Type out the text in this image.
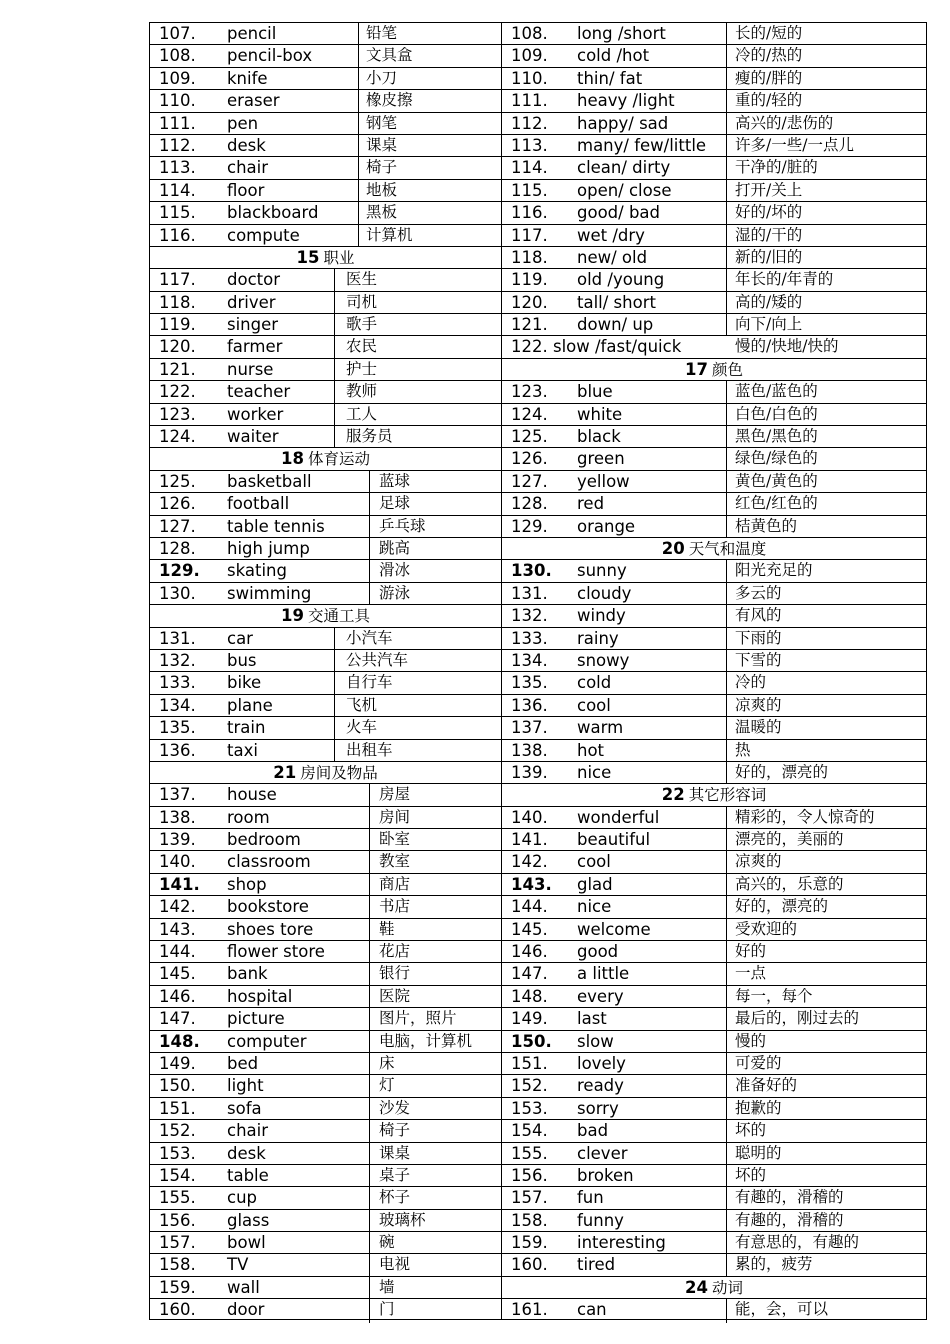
107. pencil	铅笔
108. pencil-box	文具盒
109. knife	小刀
110. eraser	橡皮擦
111. pen	钢笔
112. desk	课桌
113. chair	椅子
114. floor	地板
115. blackboard	黑板
116. compute	计算机
15 职业
117. doctor	医生
118. driver	司机
119. singer	歌手
120. farmer	农民
121. nurse	护士
122. teacher	教师
123. worker	工人
124. waiter	服务员
18 体育运动
125. basketball	蓝球
126. football	足球
127. table tennis	乒乓球
128. high jump	跳高
129. skating	滑冰
130. swimming	游泳
19 交通工具
131. car	小汽车
132. bus	公共汽车
133. bike	自行车
134. plane	飞机
135. train	火车
136. taxi	出租车
21 房间及物品
137. house	房屋
138. room	房间
139. bedroom	卧室
140. classroom	教室
141. shop	商店
142. bookstore	书店
143. shoes tore	鞋
144. flower store	花店
145. bank	银行
146. hospital	医院
147. picture	图片，照片
148. computer	电脑，计算机
149. bed	床
150. light	灯
151. sofa	沙发
152. chair	椅子
153. desk	课桌
154. table	桌子
155. cup	杯子
156. glass	玻璃杯
157. bowl	碗
158. TV	电视
159. wall	墙
160. door	门
108. long /short	长的/短的
109. cold /hot	冷的/热的
110. thin/ fat	瘦的/胖的
111. heavy /light	重的/轻的
112. happy/ sad	高兴的/悲伤的
113. many/ few/little 许多/一些/一点儿
114. clean/ dirty	干净的/脏的
115. open/ close	打开/关上
116. good/ bad	好的/坏的
117. wet /dry	湿的/干的
118. new/ old	新的/旧的
119. old /young	年长的/年青的
120. tall/ short	高的/矮的
121. down/ up	向下/向上
122. slow /fast/quick	慢的/快地/快的
17 颜色
123. blue	蓝色/蓝色的
124. white	白色/白色的
125. black	黑色/黑色的
126. green	绿色/绿色的
127. yellow	黄色/黄色的
128. red	红色/红色的
129. orange	桔黄色的
20 天气和温度
130. sunny	阳光充足的
131. cloudy	多云的
132. windy	有风的
133. rainy	下雨的
134. snowy	下雪的
135. cold	冷的
136. cool	凉爽的
137. warm	温暖的
138. hot	热
139. nice	好的，漂亮的
22 其它形容词
140. wonderful	精彩的，令人惊奇的
141. beautiful	漂亮的，美丽的
142. cool	凉爽的
143. glad	高兴的，乐意的
144. nice	好的，漂亮的
145. welcome	受欢迎的
146. good	好的
147. a little	一点
148. every	每一，每个
149. last	最后的，刚过去的
150. slow	慢的
151. lovely	可爱的
152. ready	准备好的
153. sorry	抱歉的
154. bad	坏的
155. clever	聪明的
156. broken	坏的
157. fun	有趣的，滑稽的
158. funny	有趣的，滑稽的
159. interesting	有意思的，有趣的
160. tired	累的，疲劳
24 动词
161. can	能，会，可以
